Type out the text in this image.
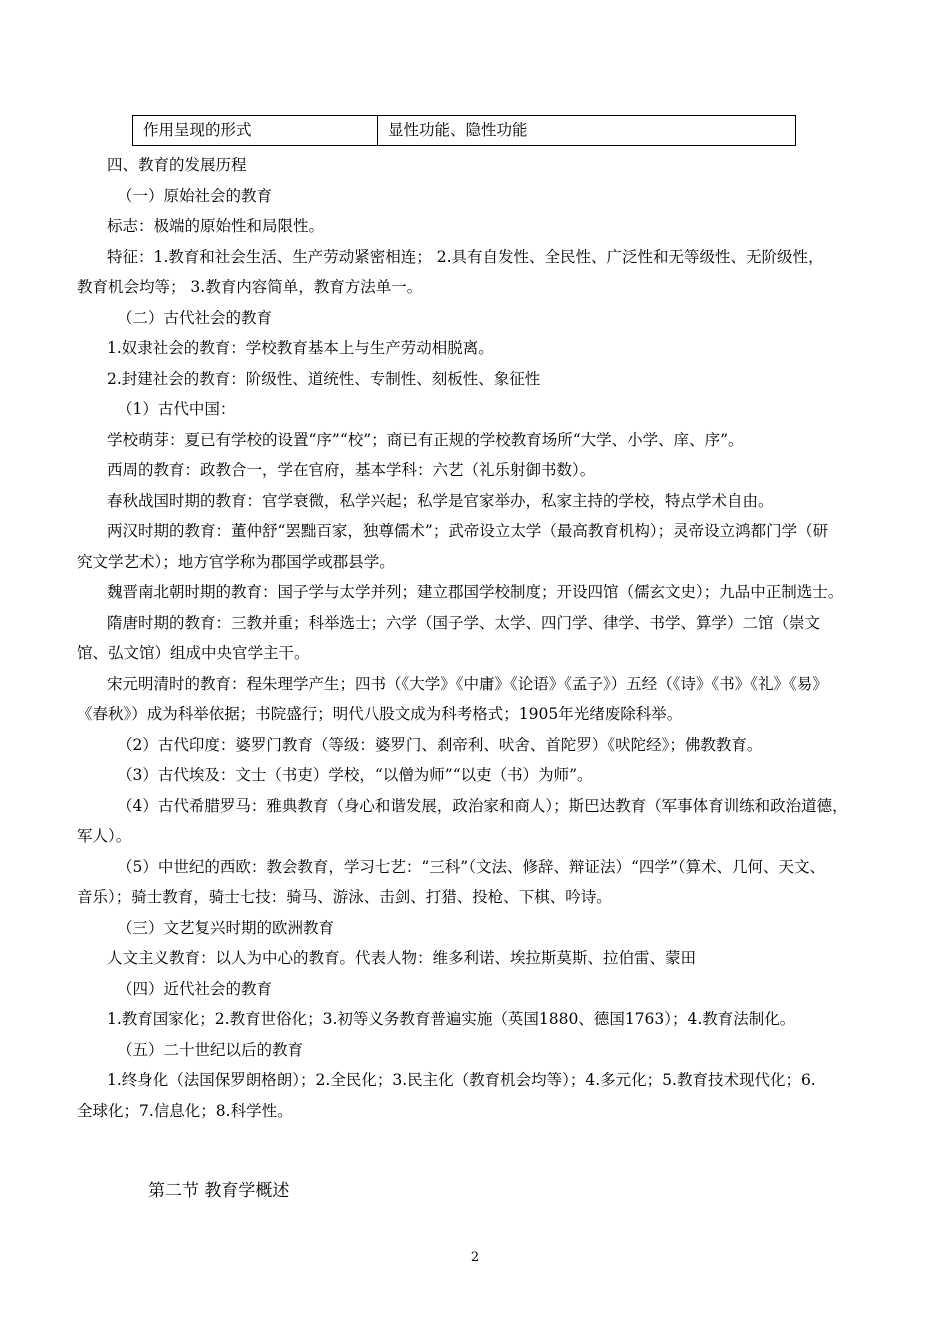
作用呈现的形式	显性功能、隐性功能
四、教育的发展历程
（一）原始社会的教育
标志：极端的原始性和局限性。
特征：1.教育和社会生活、生产劳动紧密相连； 2.具有自发性、全民性、广泛性和无等级性、无阶级性，
教育机会均等； 3.教育内容简单，教育方法单一。
（二）古代社会的教育
1.奴隶社会的教育：学校教育基本上与生产劳动相脱离。
2.封建社会的教育：阶级性、道统性、专制性、刻板性、象征性
（1）古代中国：
学校萌芽：夏已有学校的设置“序”“校”；商已有正规的学校教育场所“大学、小学、庠、序”。
西周的教育：政教合一，学在官府，基本学科：六艺（礼乐射御书数）。
春秋战国时期的教育：官学衰微，私学兴起；私学是官家举办，私家主持的学校，特点学术自由。
两汉时期的教育：董仲舒“罢黜百家，独尊儒术”；武帝设立太学（最高教育机构）；灵帝设立鸿都门学（研
究文学艺术）；地方官学称为郡国学或郡县学。
魏晋南北朝时期的教育：国子学与太学并列；建立郡国学校制度；开设四馆（儒玄文史）；九品中正制选士。
隋唐时期的教育：三教并重；科举选士；六学（国子学、太学、四门学、律学、书学、算学）二馆（崇文
馆、弘文馆）组成中央官学主干。
宋元明清时的教育：程朱理学产生；四书（《大学》《中庸》《论语》《孟子》）五经（《诗》《书》《礼》《易》
《春秋》）成为科举依据；书院盛行；明代八股文成为科考格式；1905年光绪废除科举。
（2）古代印度：婆罗门教育（等级：婆罗门、刹帝利、吠舍、首陀罗）《吠陀经》；佛教教育。
（3）古代埃及：文士（书吏）学校，“以僧为师”“以吏（书）为师”。
（4）古代希腊罗马：雅典教育（身心和谐发展，政治家和商人）；斯巴达教育（军事体育训练和政治道德，
军人）。
（5）中世纪的西欧：教会教育，学习七艺：“三科”（文法、修辞、辩证法）“四学”（算术、几何、天文、
音乐）；骑士教育，骑士七技：骑马、游泳、击剑、打猎、投枪、下棋、吟诗。
（三）文艺复兴时期的欧洲教育
人文主义教育：以人为中心的教育。代表人物：维多利诺、埃拉斯莫斯、拉伯雷、蒙田
（四）近代社会的教育
1.教育国家化；2.教育世俗化；3.初等义务教育普遍实施（英国1880、德国1763）；4.教育法制化。
（五）二十世纪以后的教育
1.终身化（法国保罗朗格朗）；2.全民化；3.民主化（教育机会均等）；4.多元化；5.教育技术现代化；6.
全球化；7.信息化；8.科学性。
第二节 教育学概述
2
